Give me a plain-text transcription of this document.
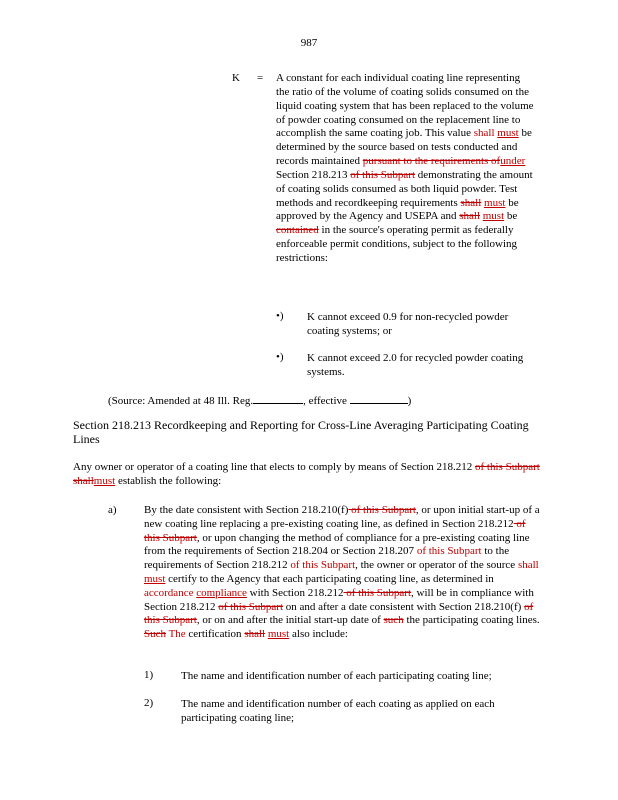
987
K = A constant for each individual coating line representing the ratio of the volume of coating solids consumed on the liquid coating system that has been replaced to the volume of powder coating consumed on the replacement line to accomplish the same coating job. This value shall must be determined by the source based on tests conducted and records maintained pursuant to the requirements ofunder Section 218.213 of this Subpart demonstrating the amount of coating solids consumed as both liquid powder. Test methods and recordkeeping requirements shall must be approved by the Agency and USEPA and shall must be contained in the source's operating permit as federally enforceable permit conditions, subject to the following restrictions:
•) K cannot exceed 0.9 for non-recycled powder coating systems; or
•) K cannot exceed 2.0 for recycled powder coating systems.
(Source: Amended at 48 Ill. Reg.	, effective	)
Section 218.213 Recordkeeping and Reporting for Cross-Line Averaging Participating Coating Lines
Any owner or operator of a coating line that elects to comply by means of Section 218.212 of this Subpart shallmust establish the following:
a) By the date consistent with Section 218.210(f) of this Subpart, or upon initial start-up of a new coating line replacing a pre-existing coating line, as defined in Section 218.212 of this Subpart, or upon changing the method of compliance for a pre-existing coating line from the requirements of Section 218.204 or Section 218.207 of this Subpart to the requirements of Section 218.212 of this Subpart, the owner or operator of the source shall must certify to the Agency that each participating coating line, as determined in accordance compliance with Section 218.212 of this Subpart, will be in compliance with Section 218.212 of this Subpart on and after a date consistent with Section 218.210(f) of this Subpart, or on and after the initial start-up date of such the participating coating lines. Such The certification shall must also include:
1)	The name and identification number of each participating coating line;
2)	The name and identification number of each coating as applied on each participating coating line;
